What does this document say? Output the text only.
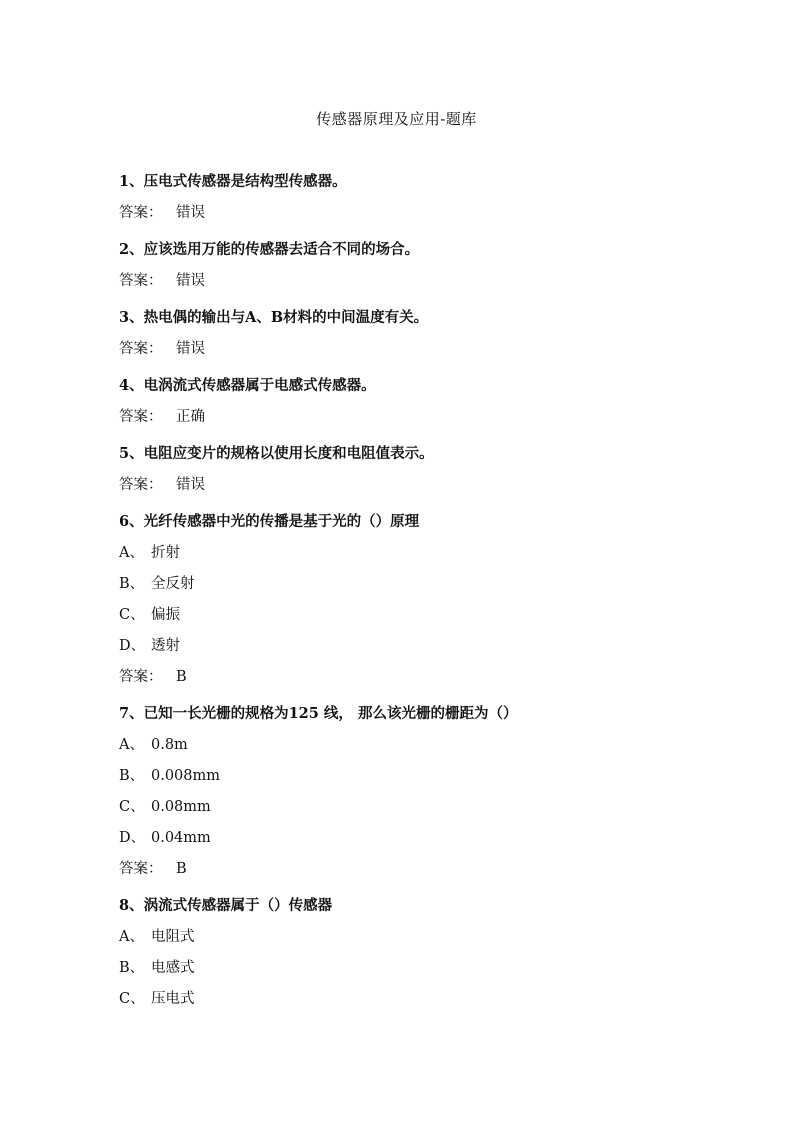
传感器原理及应用-题库
1、压电式传感器是结构型传感器。
答案： 错误
2、应该选用万能的传感器去适合不同的场合。
答案： 错误
3、热电偶的输出与A、B材料的中间温度有关。
答案： 错误
4、电涡流式传感器属于电感式传感器。
答案： 正确
5、电阻应变片的规格以使用长度和电阻值表示。
答案： 错误
6、光纤传感器中光的传播是基于光的（）原理
A、 折射
B、 全反射
C、 偏振
D、 透射
答案： B
7、已知一长光栅的规格为125 线， 那么该光栅的栅距为（）
A、 0.8m
B、 0.008mm
C、 0.08mm
D、 0.04mm
答案： B
8、涡流式传感器属于（）传感器
A、 电阻式
B、 电感式
C、 压电式
